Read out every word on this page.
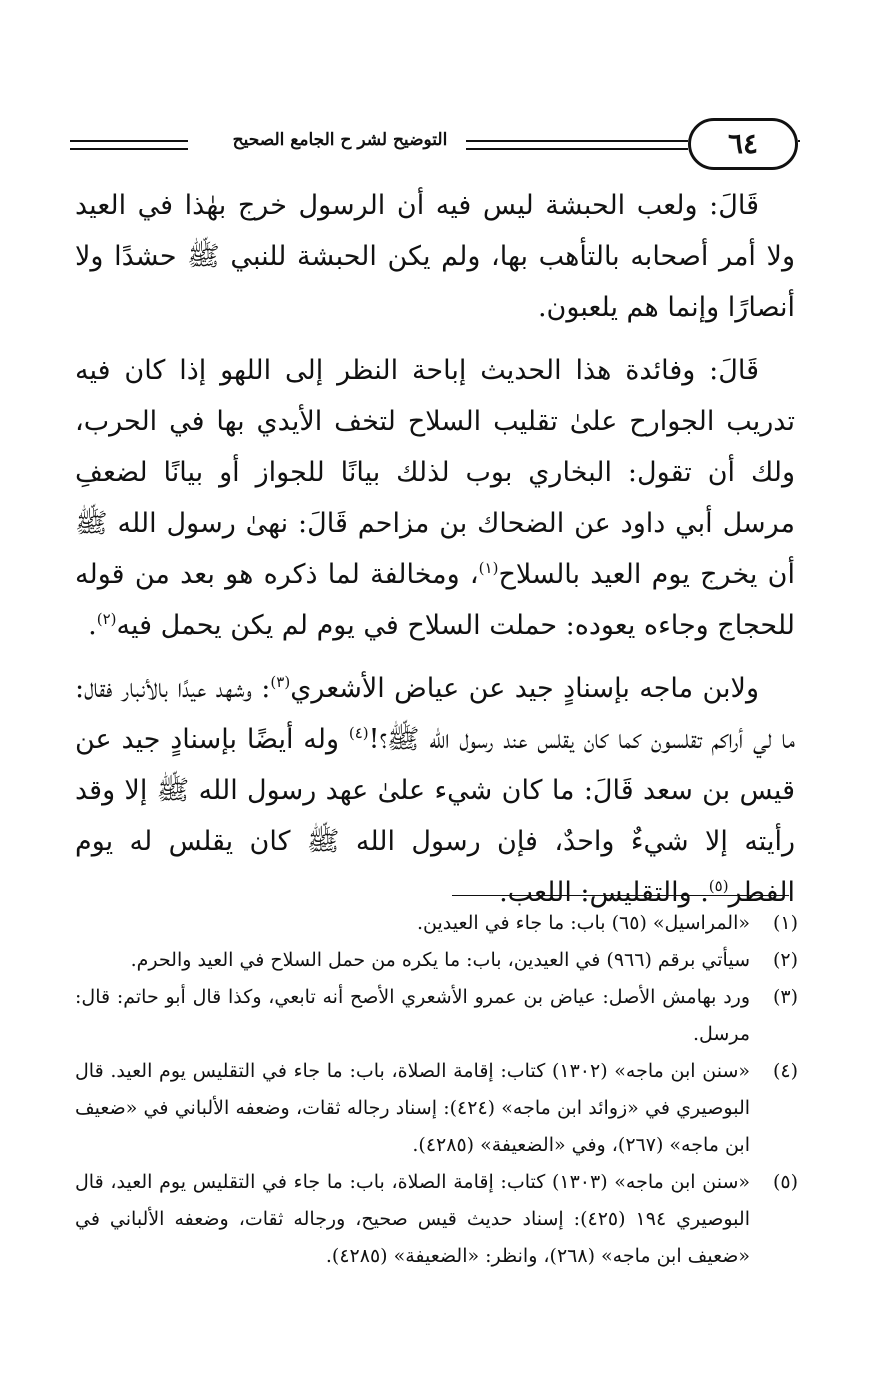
التوضيح لشر ح الجامع الصحيح	٦٤

قَالَ: ولعب الحبشة ليس فيه أن الرسول خرج بهٰذا في العيد ولا أمر أصحابه بالتأهب بها، ولم يكن الحبشة للنبي ﷺ حشدًا ولا أنصارًا وإنما هم يلعبون.

قَالَ: وفائدة هذا الحديث إباحة النظر إلى اللهو إذا كان فيه تدريب الجوارح علىٰ تقليب السلاح لتخف الأيدي بها في الحرب، ولك أن تقول: البخاري بوب لذلك بيانًا للجواز أو بيانًا لضعفِ مرسل أبي داود عن الضحاك بن مزاحم قَالَ: نهىٰ رسول الله ﷺ أن يخرج يوم العيد بالسلاح$^{(١)}$، ومخالفة لما ذكره هو بعد من قوله للحجاج وجاءه يعوده: حملت السلاح في يوم لم يكن يحمل فيه$^{(٢)}$.

ولابن ماجه بإسنادٍ جيد عن عياض الأشعري$^{(٣)}$: وشهد عيدًا بالأنبار فقال: ما لي أراكم تقلسون كما كان يقلس عند رسول الله ﷺ؟!$^{(٤)}$ وله أيضًا بإسنادٍ جيد عن قيس بن سعد قَالَ: ما كان شيء علىٰ عهد رسول الله ﷺ إلا وقد رأيته إلا شيءٌ واحدٌ، فإن رسول الله ﷺ كان يقلس له يوم الفطر$^{(٥)}$. والتقليس: اللعب.

(١)
«المراسيل» (٦٥) باب: ما جاء في العيدين.
(٢)
سيأتي برقم (٩٦٦) في العيدين، باب: ما يكره من حمل السلاح في العيد والحرم.
(٣)
ورد بهامش الأصل: عياض بن عمرو الأشعري الأصح أنه تابعي، وكذا قال أبو حاتم: قال: مرسل.
(٤)
«سنن ابن ماجه» (١٣٠٢) كتاب: إقامة الصلاة، باب: ما جاء في التقليس يوم العيد. قال البوصيري في «زوائد ابن ماجه» (٤٢٤): إسناد رجاله ثقات، وضعفه الألباني في «ضعيف ابن ماجه» (٢٦٧)، وفي «الضعيفة» (٤٢٨٥).
(٥)
«سنن ابن ماجه» (١٣٠٣) كتاب: إقامة الصلاة، باب: ما جاء في التقليس يوم العيد، قال البوصيري ١٩٤ (٤٢٥): إسناد حديث قيس صحيح، ورجاله ثقات، وضعفه الألباني في «ضعيف ابن ماجه» (٢٦٨)، وانظر: «الضعيفة» (٤٢٨٥).
